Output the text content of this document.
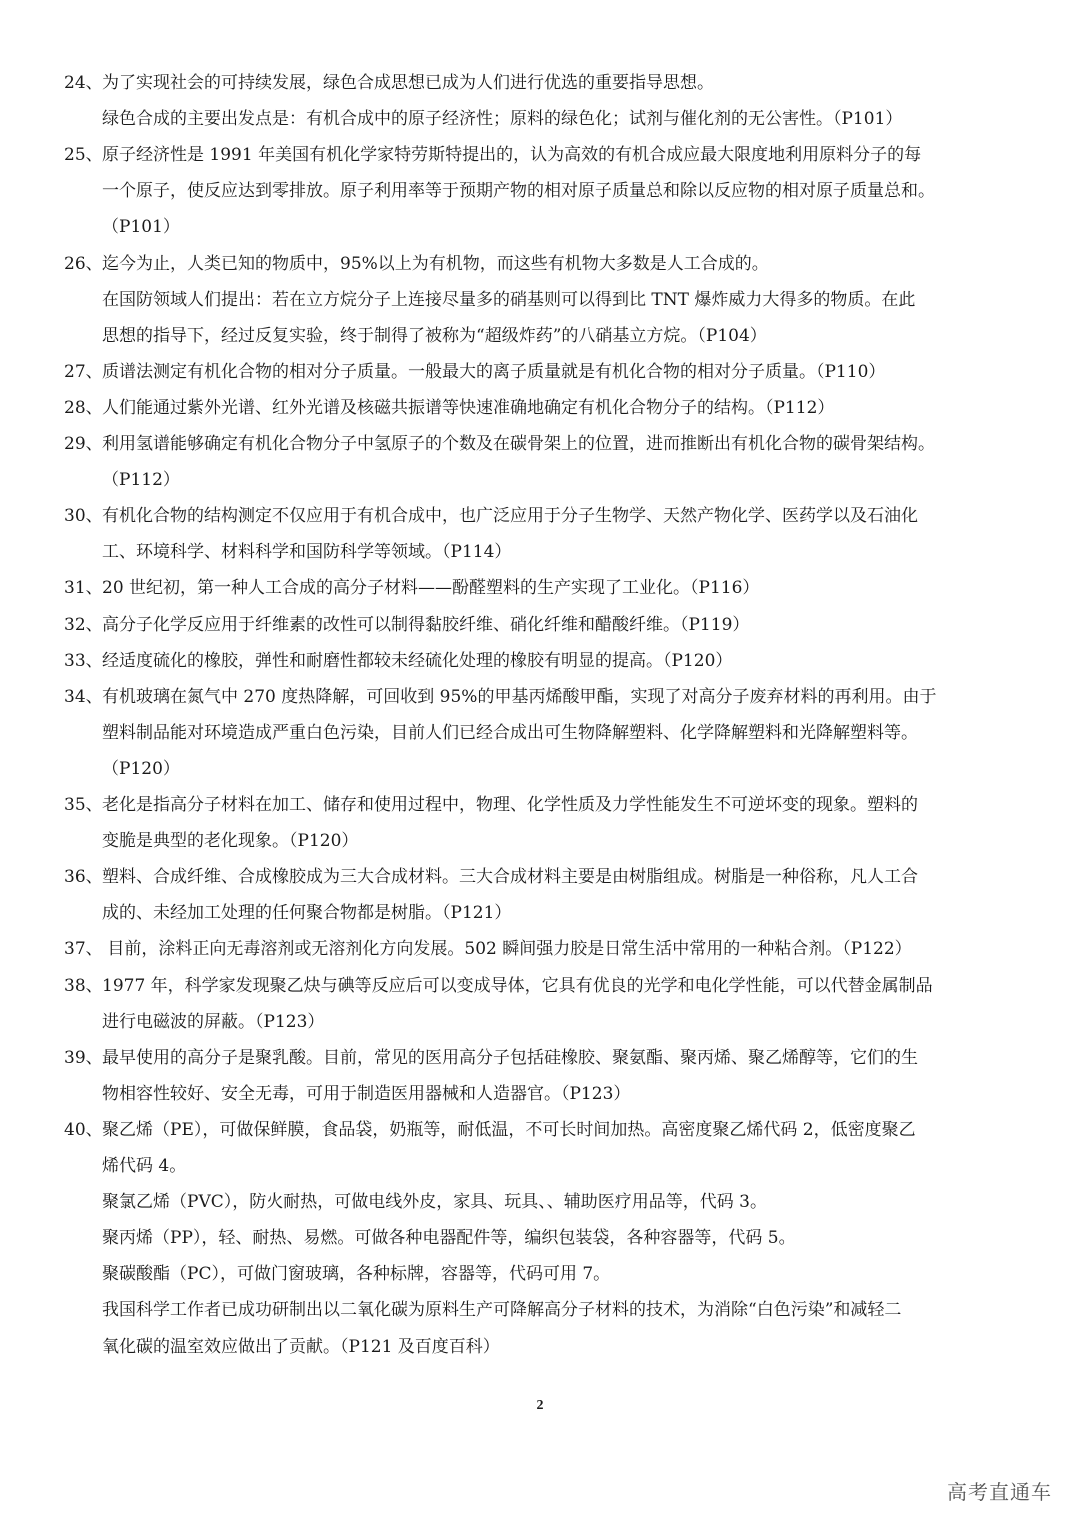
24、为了实现社会的可持续发展，绿色合成思想已成为人们进行优选的重要指导思想。
绿色合成的主要出发点是：有机合成中的原子经济性；原料的绿色化；试剂与催化剂的无公害性。（P101）
25、原子经济性是 1991 年美国有机化学家特劳斯特提出的，认为高效的有机合成应最大限度地利用原料分子的每
一个原子，使反应达到零排放。原子利用率等于预期产物的相对原子质量总和除以反应物的相对原子质量总和。
（P101）
26、迄今为止，人类已知的物质中，95%以上为有机物，而这些有机物大多数是人工合成的。
在国防领域人们提出：若在立方烷分子上连接尽量多的硝基则可以得到比 TNT 爆炸威力大得多的物质。在此
思想的指导下，经过反复实验，终于制得了被称为“超级炸药”的八硝基立方烷。（P104）
27、质谱法测定有机化合物的相对分子质量。一般最大的离子质量就是有机化合物的相对分子质量。（P110）
28、人们能通过紫外光谱、红外光谱及核磁共振谱等快速准确地确定有机化合物分子的结构。（P112）
29、利用氢谱能够确定有机化合物分子中氢原子的个数及在碳骨架上的位置，进而推断出有机化合物的碳骨架结构。
（P112）
30、有机化合物的结构测定不仅应用于有机合成中，也广泛应用于分子生物学、天然产物化学、医药学以及石油化
工、环境科学、材料科学和国防科学等领域。（P114）
31、20 世纪初，第一种人工合成的高分子材料——酚醛塑料的生产实现了工业化。（P116）
32、高分子化学反应用于纤维素的改性可以制得黏胶纤维、硝化纤维和醋酸纤维。（P119）
33、经适度硫化的橡胶，弹性和耐磨性都较未经硫化处理的橡胶有明显的提高。（P120）
34、有机玻璃在氮气中 270 度热降解，可回收到 95%的甲基丙烯酸甲酯，实现了对高分子废弃材料的再利用。由于
塑料制品能对环境造成严重白色污染，目前人们已经合成出可生物降解塑料、化学降解塑料和光降解塑料等。
（P120）
35、老化是指高分子材料在加工、储存和使用过程中，物理、化学性质及力学性能发生不可逆坏变的现象。塑料的
变脆是典型的老化现象。（P120）
36、塑料、合成纤维、合成橡胶成为三大合成材料。三大合成材料主要是由树脂组成。树脂是一种俗称，凡人工合
成的、未经加工处理的任何聚合物都是树脂。（P121）
37、 目前，涂料正向无毒溶剂或无溶剂化方向发展。502 瞬间强力胶是日常生活中常用的一种粘合剂。（P122）
38、1977 年，科学家发现聚乙炔与碘等反应后可以变成导体，它具有优良的光学和电化学性能，可以代替金属制品
进行电磁波的屏蔽。（P123）
39、最早使用的高分子是聚乳酸。目前，常见的医用高分子包括硅橡胶、聚氨酯、聚丙烯、聚乙烯醇等，它们的生
物相容性较好、安全无毒，可用于制造医用器械和人造器官。（P123）
40、聚乙烯（PE），可做保鲜膜，食品袋，奶瓶等，耐低温，不可长时间加热。高密度聚乙烯代码 2，低密度聚乙
烯代码 4。
聚氯乙烯（PVC），防火耐热，可做电线外皮，家具、玩具、、辅助医疗用品等，代码 3。
聚丙烯（PP），轻、耐热、易燃。可做各种电器配件等，编织包装袋，各种容器等，代码 5。
聚碳酸酯（PC），可做门窗玻璃，各种标牌，容器等，代码可用 7。
我国科学工作者已成功研制出以二氧化碳为原料生产可降解高分子材料的技术，为消除“白色污染”和减轻二
氧化碳的温室效应做出了贡献。（P121 及百度百科）
2
高考直通车
